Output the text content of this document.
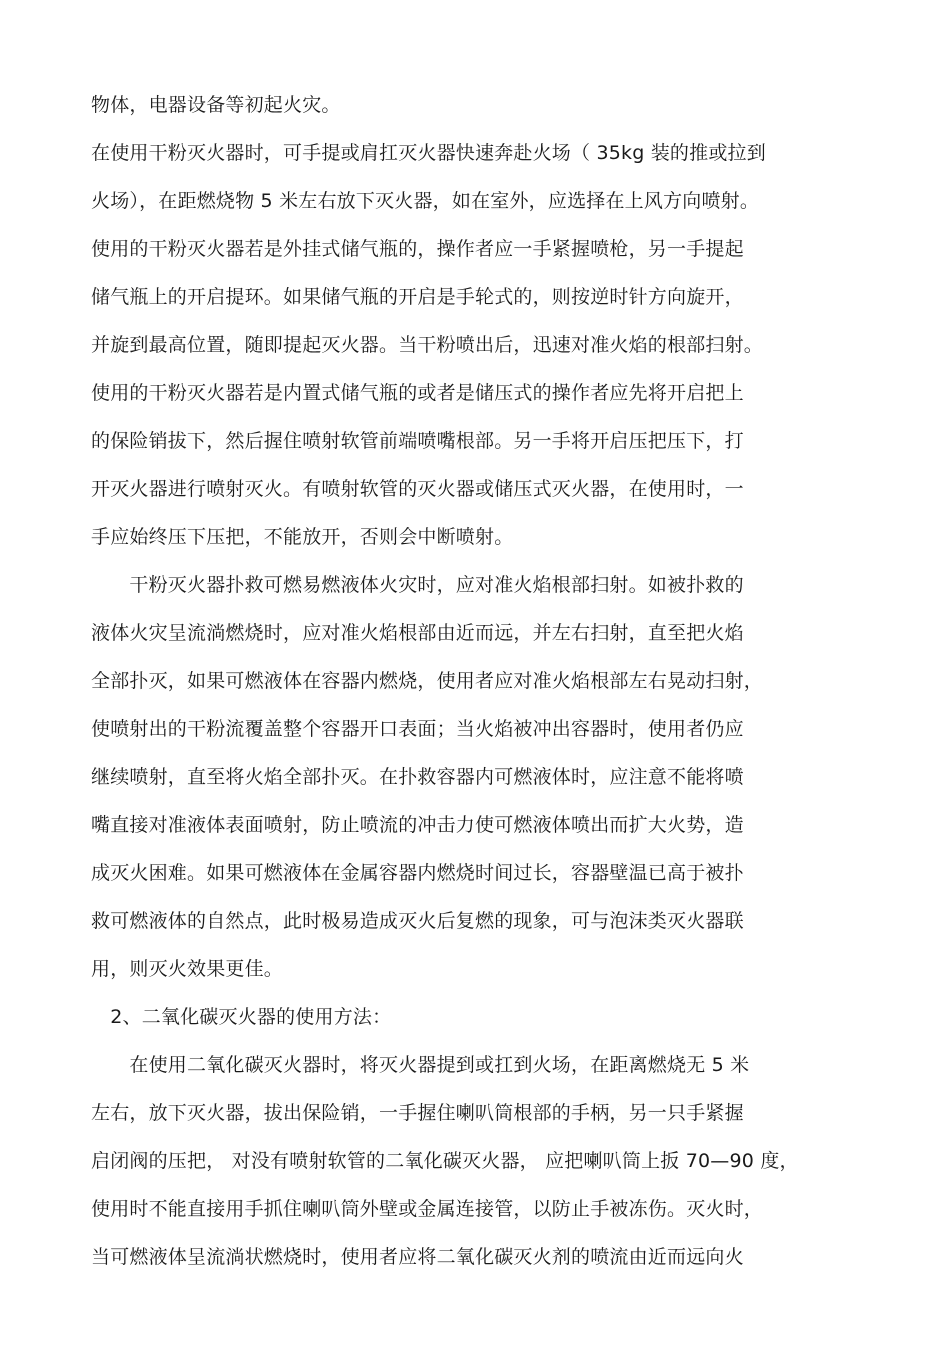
物体，电器设备等初起火灾。
在使用干粉灭火器时，可手提或肩扛灭火器快速奔赴火场（ 35kg 装的推或拉到
火场），在距燃烧物 5 米左右放下灭火器，如在室外，应选择在上风方向喷射。
使用的干粉灭火器若是外挂式储气瓶的，操作者应一手紧握喷枪，另一手提起
储气瓶上的开启提环。如果储气瓶的开启是手轮式的，则按逆时针方向旋开，
并旋到最高位置，随即提起灭火器。当干粉喷出后，迅速对准火焰的根部扫射。
使用的干粉灭火器若是内置式储气瓶的或者是储压式的操作者应先将开启把上
的保险销拔下，然后握住喷射软管前端喷嘴根部。另一手将开启压把压下，打
开灭火器进行喷射灭火。有喷射软管的灭火器或储压式灭火器，在使用时，一
手应始终压下压把，不能放开，否则会中断喷射。
　　干粉灭火器扑救可燃易燃液体火灾时，应对准火焰根部扫射。如被扑救的
液体火灾呈流淌燃烧时，应对准火焰根部由近而远，并左右扫射，直至把火焰
全部扑灭，如果可燃液体在容器内燃烧，使用者应对准火焰根部左右晃动扫射，
使喷射出的干粉流覆盖整个容器开口表面；当火焰被冲出容器时，使用者仍应
继续喷射，直至将火焰全部扑灭。在扑救容器内可燃液体时，应注意不能将喷
嘴直接对准液体表面喷射，防止喷流的冲击力使可燃液体喷出而扩大火势，造
成灭火困难。如果可燃液体在金属容器内燃烧时间过长，容器壁温已高于被扑
救可燃液体的自然点，此时极易造成灭火后复燃的现象，可与泡沫类灭火器联
用，则灭火效果更佳。
　2、二氧化碳灭火器的使用方法：
　　在使用二氧化碳灭火器时，将灭火器提到或扛到火场，在距离燃烧无 5 米
左右，放下灭火器，拔出保险销，一手握住喇叭筒根部的手柄，另一只手紧握
启闭阀的压把， 对没有喷射软管的二氧化碳灭火器， 应把喇叭筒上扳 70—90 度，
使用时不能直接用手抓住喇叭筒外壁或金属连接管，以防止手被冻伤。灭火时，
当可燃液体呈流淌状燃烧时，使用者应将二氧化碳灭火剂的喷流由近而远向火
